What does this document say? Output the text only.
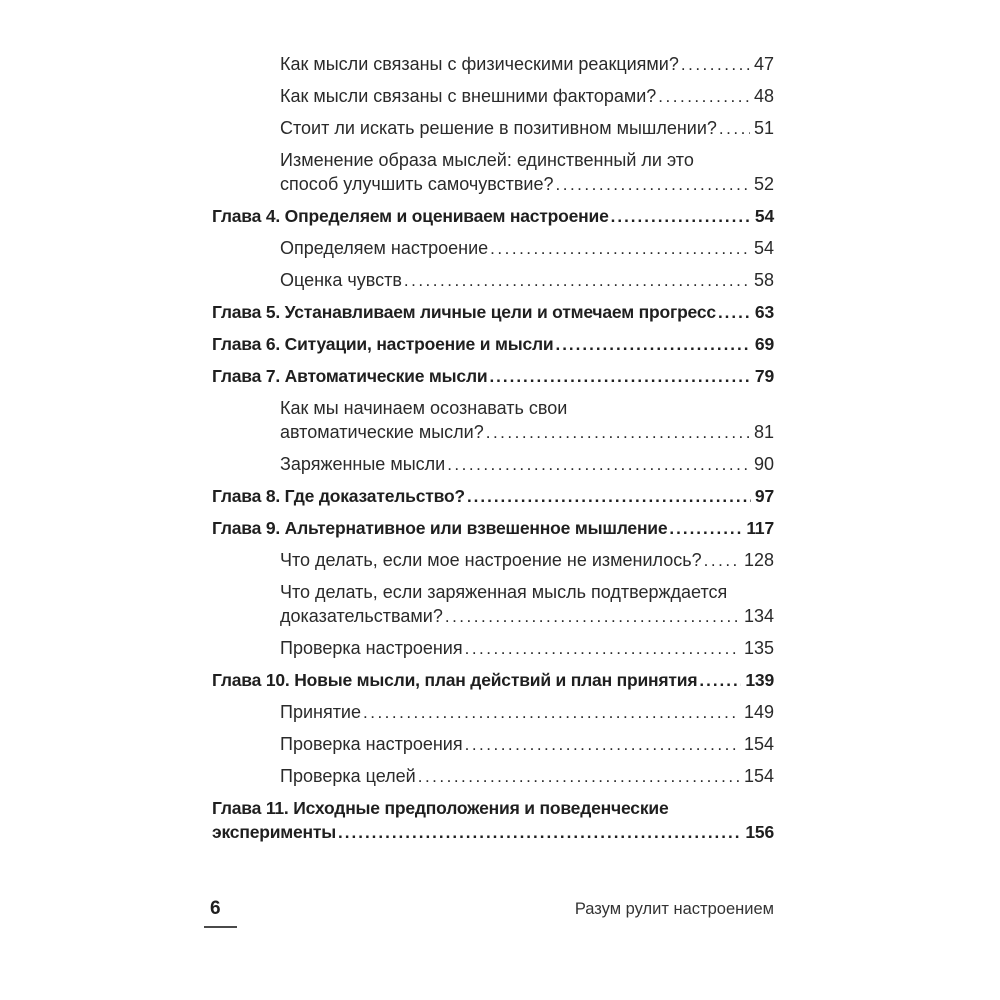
Как мысли связаны с физическими реакциями? .....	47
Как мысли связаны с внешними факторами? .....	48
Стоит ли искать решение в позитивном мышлении? ..... 51
Изменение образа мыслей: единственный ли это
способ улучшить самочувствие? .....	52
Глава 4. Определяем и оцениваем настроение .....	54
Определяем настроение .....	54
Оценка чувств .....	58
Глава 5. Устанавливаем личные цели и отмечаем прогресс ..... 63
Глава 6. Ситуации, настроение и мысли .....	69
Глава 7. Автоматические мысли .....	79
Как мы начинаем осознавать свои
автоматические мысли? .....	81
Заряженные мысли .....	90
Глава 8. Где доказательство? .....	97
Глава 9. Альтернативное или взвешенное мышление .....	117
Что делать, если мое настроение не изменилось? ..... 128
Что делать, если заряженная мысль подтверждается
доказательствами? .....	134
Проверка настроения .....	135
Глава 10. Новые мысли, план действий и план принятия .....	139
Принятие .....	149
Проверка настроения .....	154
Проверка целей .....	154
Глава 11. Исходные предположения и поведенческие
эксперименты .....	156
6	Разум рулит настроением
